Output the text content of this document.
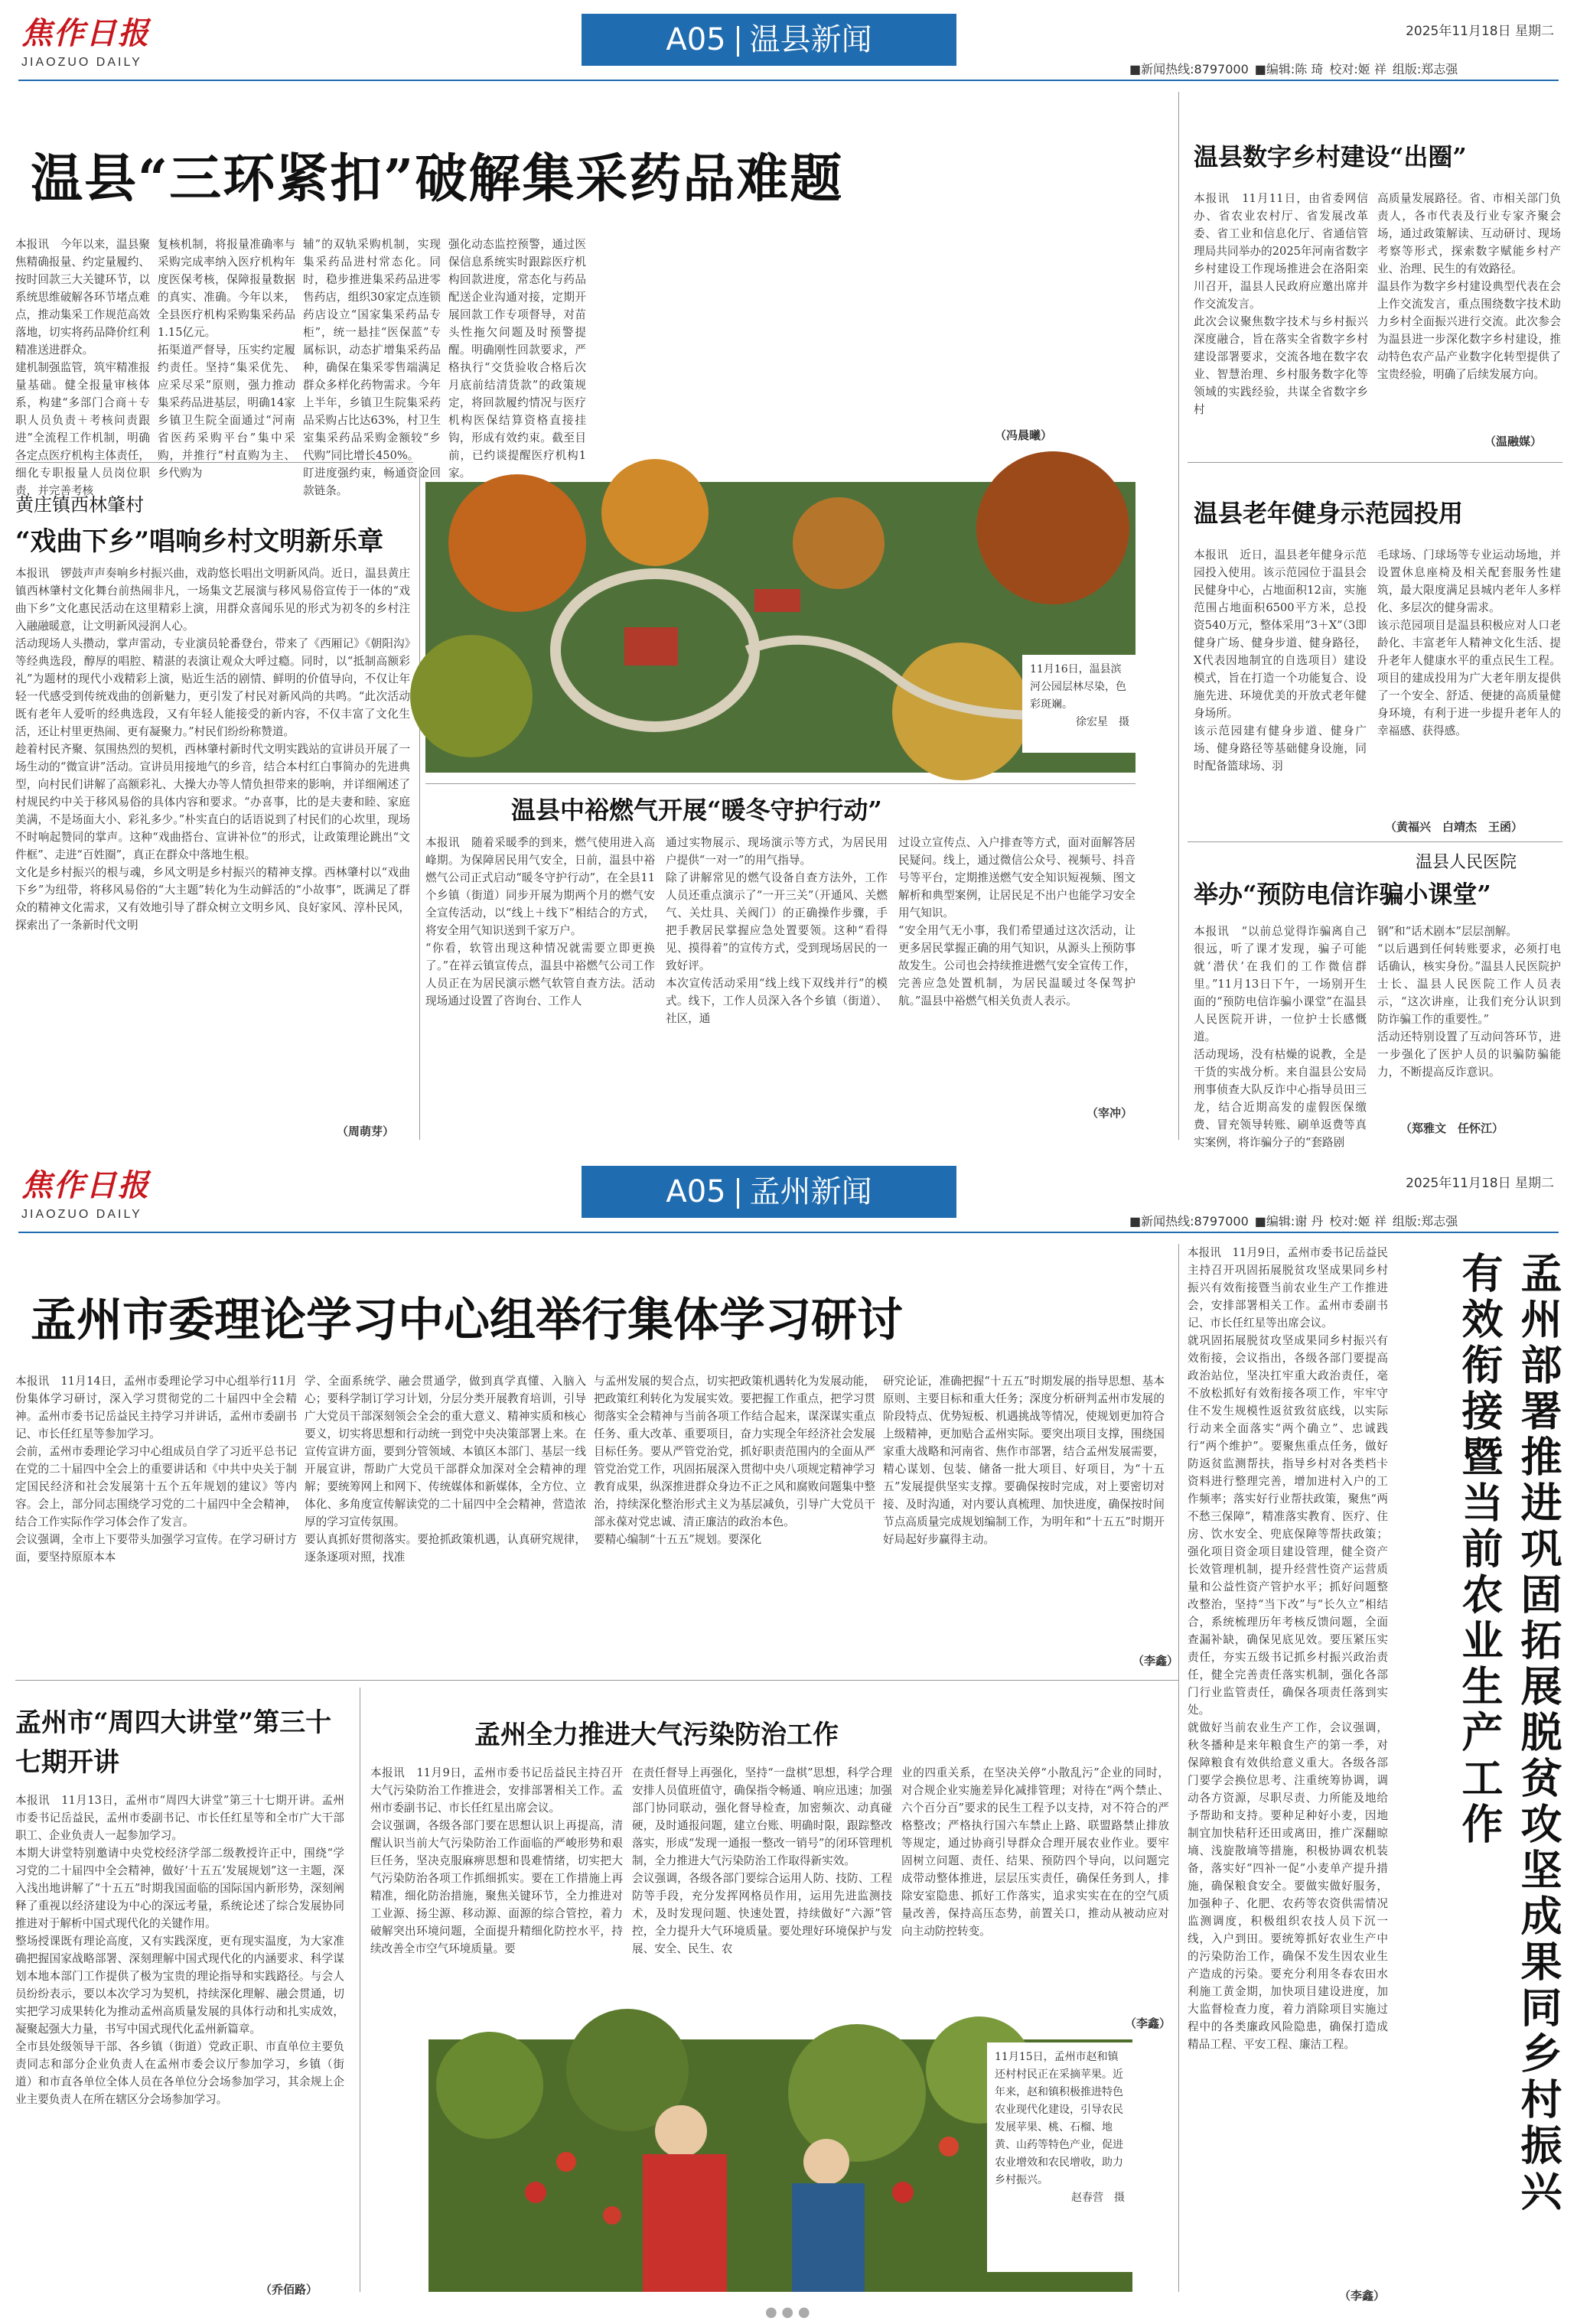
焦作日报
JIAOZUO DAILY
A05 温县新闻	2025年11月18日 星期二
■新闻热线:8797000 ■编辑:陈 琦 校对:姬 祥 组版:郑志强
温县“三环紧扣”破解集采药品难题
本报讯　今年以来，温县聚焦精确报量、约定量履约、按时回款三大关键环节，以系统思维破解各环节堵点难点，推动集采工作规范高效落地，切实将药品降价红利精准送进群众。
建机制强监管，筑牢精准报量基础。健全报量审核体系，构建“多部门合商＋专职人员负责＋考核问责跟进”全流程工作机制，明确各定点医疗机构主体责任，细化专职报量人员岗位职责，并完善考核
复核机制，将报量准确率与采购完成率纳入医疗机构年度医保考核，保障报量数据的真实、准确。今年以来，全县医疗机构采购集采药品1.15亿元。
拓渠道严督导，压实约定履约责任。坚持“集采优先、应采尽采”原则，强力推动集采药品进基层，明确14家乡镇卫生院全面通过“河南省医药采购平台”集中采购，并推行“村直购为主、乡代购为
辅”的双轨采购机制，实现集采药品进村常态化。同时，稳步推进集采药品进零售药店，组织30家定点连锁药店设立“国家集采药品专柜”，统一悬挂“医保蓝”专属标识，动态扩增集采药品种，确保在集采零售端满足群众多样化药物需求。今年上半年，乡镇卫生院集采药品采购占比达63%，村卫生室集采药品采购金额较“乡代购”同比增长450%。
盯进度强约束，畅通资金回款链条。
强化动态监控预警，通过医保信息系统实时跟踪医疗机构回款进度，常态化与药品配送企业沟通对接，定期开展回款工作专项督导，对苗头性拖欠问题及时预警提醒。明确刚性回款要求，严格执行“交货验收合格后次月底前结清货款”的政策规定，将回款履约情况与医疗机构医保结算资格直接挂钩，形成有效约束。截至目前，已约谈提醒医疗机构1家。
（冯晨曦）
温县数字乡村建设“出圈”
本报讯　11月11日，由省委网信办、省农业农村厅、省发展改革委、省工业和信息化厅、省通信管理局共同举办的2025年河南省数字乡村建设工作现场推进会在洛阳栾川召开，温县人民政府应邀出席并作交流发言。
此次会议聚焦数字技术与乡村振兴深度融合，旨在落实全省数字乡村建设部署要求，交流各地在数字农业、智慧治理、乡村服务数字化等领域的实践经验，共谋全省数字乡村
高质量发展路径。省、市相关部门负责人，各市代表及行业专家齐聚会场，通过政策解读、互动研讨、现场考察等形式，探索数字赋能乡村产业、治理、民生的有效路径。
温县作为数字乡村建设典型代表在会上作交流发言，重点围绕数字技术助力乡村全面振兴进行交流。此次参会为温县进一步深化数字乡村建设，推动特色农产品产业数字化转型提供了宝贵经验，明确了后续发展方向。
（温融媒）
黄庄镇西林肇村
“戏曲下乡”唱响乡村文明新乐章
本报讯　锣鼓声声奏响乡村振兴曲，戏韵悠长唱出文明新风尚。近日，温县黄庄镇西林肇村文化舞台前热闹非凡，一场集文艺展演与移风易俗宣传于一体的“戏曲下乡”文化惠民活动在这里精彩上演，用群众喜闻乐见的形式为初冬的乡村注入融融暖意，让文明新风浸润人心。
活动现场人头攒动，掌声雷动，专业演员轮番登台，带来了《西厢记》《朝阳沟》等经典选段，醇厚的唱腔、精湛的表演让观众大呼过瘾。同时，以“抵制高额彩礼”为题材的现代小戏精彩上演，贴近生活的剧情、鲜明的价值导向，不仅让年轻一代感受到传统戏曲的创新魅力，更引发了村民对新风尚的共鸣。“此次活动既有老年人爱听的经典选段，又有年轻人能接受的新内容，不仅丰富了文化生活，还让村里更热闹、更有凝聚力。”村民们纷纷称赞道。
趁着村民齐聚、氛围热烈的契机，西林肇村新时代文明实践站的宣讲员开展了一场生动的“微宣讲”活动。宣讲员用接地气的乡音，结合本村红白事简办的先进典型，向村民们讲解了高额彩礼、大操大办等人情负担带来的影响，并详细阐述了村规民约中关于移风易俗的具体内容和要求。“办喜事，比的是夫妻和睦、家庭美满，不是场面大小、彩礼多少。”朴实直白的话语说到了村民们的心坎里，现场不时响起赞同的掌声。这种“戏曲搭台、宣讲补位”的形式，让政策理论跳出“文件框”、走进“百姓圈”，真正在群众中落地生根。
文化是乡村振兴的根与魂，乡风文明是乡村振兴的精神支撑。西林肇村以“戏曲下乡”为纽带，将移风易俗的“大主题”转化为生动鲜活的“小故事”，既满足了群众的精神文化需求，又有效地引导了群众树立文明乡风、良好家风、淳朴民风，探索出了一条新时代文明
（周萌芽）
11月16日，温县滨河公园层林尽染，色彩斑斓。
徐宏星　摄
温县老年健身示范园投用
本报讯　近日，温县老年健身示范园投入使用。该示范园位于温县会民健身中心，占地面积12亩，实施范围占地面积6500平方米，总投资540万元，整体采用“3＋X”（3即健身广场、健身步道、健身路径，X代表因地制宜的自选项目）建设模式，旨在打造一个功能复合、设施先进、环境优美的开放式老年健身场所。
该示范园建有健身步道、健身广场、健身路径等基础健身设施，同时配备篮球场、羽
毛球场、门球场等专业运动场地，并设置休息座椅及相关配套服务性建筑，最大限度满足县城内老年人多样化、多层次的健身需求。
该示范园项目是温县积极应对人口老龄化、丰富老年人精神文化生活、提升老年人健康水平的重点民生工程。项目的建成投用为广大老年朋友提供了一个安全、舒适、便捷的高质量健身环境，有利于进一步提升老年人的幸福感、获得感。
（黄福兴　白靖杰　王函）
温县中裕燃气开展“暖冬守护行动”
本报讯　随着采暖季的到来，燃气使用进入高峰期。为保障居民用气安全，日前，温县中裕燃气公司正式启动“暖冬守护行动”，在全县11个乡镇（街道）同步开展为期两个月的燃气安全宣传活动，以“线上＋线下”相结合的方式，将安全用气知识送到千家万户。
“你看，软管出现这种情况就需要立即更换了。”在祥云镇宣传点，温县中裕燃气公司工作人员正在为居民演示燃气软管自查方法。活动现场通过设置了咨询台、工作人
通过实物展示、现场演示等方式，为居民用户提供“一对一”的用气指导。
除了讲解常见的燃气设备自查方法外，工作人员还重点演示了“一开三关”（开通风、关燃气、关灶具、关阀门）的正确操作步骤，手把手教居民掌握应急处置要领。这种“看得见、摸得着”的宣传方式，受到现场居民的一致好评。
本次宣传活动采用“线上线下双线并行”的模式。线下，工作人员深入各个乡镇（街道）、社区，通
过设立宣传点、入户排查等方式，面对面解答居民疑问。线上，通过微信公众号、视频号、抖音号等平台，定期推送燃气安全知识短视频、图文解析和典型案例，让居民足不出户也能学习安全用气知识。
“安全用气无小事，我们希望通过这次活动，让更多居民掌握正确的用气知识，从源头上预防事故发生。公司也会持续推进燃气安全宣传工作，完善应急处置机制，为居民温暖过冬保驾护航。”温县中裕燃气相关负责人表示。
（宰冲）
温县人民医院
举办“预防电信诈骗小课堂”
本报讯　“以前总觉得诈骗离自己很远，听了课才发现，骗子可能就‘潜伏’在我们的工作微信群里。”11月13日下午，一场别开生面的“预防电信诈骗小课堂”在温县人民医院开讲，一位护士长感慨道。
活动现场，没有枯燥的说教，全是干货的实战分析。来自温县公安局刑事侦查大队反诈中心指导员田三龙，结合近期高发的虚假医保缴费、冒充领导转账、刷单返费等真实案例，将诈骗分子的“套路剧
钢”和“话术剧本”层层剖解。
“以后遇到任何转账要求，必须打电话确认，核实身份。”温县人民医院护士长、温县人民医院工作人员表示，“这次讲座，让我们充分认识到防诈骗工作的重要性。”
活动还特别设置了互动问答环节，进一步强化了医护人员的识骗防骗能力，不断提高反诈意识。
（郑雅文　任怀江）
焦作日报
JIAOZUO DAILY
A05 孟州新闻	2025年11月18日 星期二
■新闻热线:8797000 ■编辑:谢 丹 校对:姬 祥 组版:郑志强
孟州市委理论学习中心组举行集体学习研讨
本报讯　11月14日，孟州市委理论学习中心组举行11月份集体学习研讨，深入学习贯彻党的二十届四中全会精神。孟州市委书记岳益民主持学习并讲话，孟州市委副书记、市长任红星等参加学习。
会前，孟州市委理论学习中心组成员自学了习近平总书记在党的二十届四中全会上的重要讲话和《中共中央关于制定国民经济和社会发展第十五个五年规划的建议》等内容。会上，部分同志围绕学习党的二十届四中全会精神，结合工作实际作学习体会作了发言。
会议强调，全市上下要带头加强学习宣传。在学习研讨方面，要坚持原原本本
学、全面系统学、融会贯通学，做到真学真懂、入脑入心；要科学制订学习计划，分层分类开展教育培训，引导广大党员干部深刻领会全会的重大意义、精神实质和核心要义，切实将思想和行动统一到党中央决策部署上来。在宣传宣讲方面，要到分管领域、本镇区本部门、基层一线开展宣讲，帮助广大党员干部群众加深对全会精神的理解；要统筹网上和网下、传统媒体和新媒体，全方位、立体化、多角度宣传解读党的二十届四中全会精神，营造浓厚的学习宣传氛围。
要认真抓好贯彻落实。要抢抓政策机遇，认真研究规律，逐条逐项对照，找准
与孟州发展的契合点，切实把政策机遇转化为发展动能，把政策红利转化为发展实效。要把握工作重点，把学习贯彻落实全会精神与当前各项工作结合起来，谋深谋实重点任务、重大改革、重要项目，奋力实现全年经济社会发展目标任务。要从严管党治党，抓好职责范围内的全面从严管党治党工作，巩固拓展深入贯彻中央八项规定精神学习教育成果，纵深推进群众身边不正之风和腐败问题集中整治，持续深化整治形式主义为基层减负，引导广大党员干部永葆对党忠诚、清正廉洁的政治本色。
要精心编制“十五五”规划。要深化
研究论证，准确把握“十五五”时期发展的指导思想、基本原则、主要目标和重大任务；深度分析研判孟州市发展的阶段特点、优势短板、机遇挑战等情况，使规划更加符合上级精神，更加贴合孟州实际。要突出项目支撑，围绕国家重大战略和河南省、焦作市部署，结合孟州发展需要，精心谋划、包装、储备一批大项目、好项目，为“十五五”发展提供坚实支撑。要确保按时完成，对上要密切对接、及时沟通，对内要认真梳理、加快进度，确保按时间节点高质量完成规划编制工作，为明年和“十五五”时期开好局起好步赢得主动。
（李鑫）
本报讯　11月9日，孟州市委书记岳益民主持召开巩固拓展脱贫攻坚成果同乡村振兴有效衔接暨当前农业生产工作推进会，安排部署相关工作。孟州市委副书记、市长任红星等出席会议。
就巩固拓展脱贫攻坚成果同乡村振兴有效衔接，会议指出，各级各部门要提高政治站位，坚决扛牢重大政治责任，毫不放松抓好有效衔接各项工作，牢牢守住不发生规模性返贫致贫底线，以实际行动来全面落实“两个确立”、忠诚践行“两个维护”。要聚焦重点任务，做好防返贫监测帮扶，指导乡村对各类档卡资料进行整理完善，增加进村入户的工作频率；落实好行业帮扶政策，聚焦“两不愁三保障”，精准落实教育、医疗、住房、饮水安全、兜底保障等帮扶政策；强化项目资金项目建设管理，健全资产长效管理机制，提升经营性资产运营质量和公益性资产管护水平；抓好问题整改整治，坚持“当下改”与“长久立”相结合，系统梳理历年考核反馈问题，全面查漏补缺，确保见底见效。要压紧压实责任，夯实五级书记抓乡村振兴政治责任，健全完善责任落实机制，强化各部门行业监管责任，确保各项责任落到实处。
就做好当前农业生产工作，会议强调，秋冬播种是来年粮食生产的第一季，对保障粮食有效供给意义重大。各级各部门要学会换位思考、注重统筹协调，调动各方资源，尽职尽责、力所能及地给予帮助和支持。要种足种好小麦，因地制宜加快秸秆还田或离田，推广深翻晾墒、浅旋散墒等措施，积极协调农机装备，落实好“四补一促”小麦单产提升措施，确保粮食安全。要做实做好服务，加强种子、化肥、农药等农资供需情况监测调度，积极组织农技人员下沉一线，入户到田。要统筹抓好农业生产中的污染防治工作，确保不发生因农业生产造成的污染。要充分利用冬春农田水利施工黄金期，加快项目建设进度，加大监督检查力度，着力消除项目实施过程中的各类廉政风险隐患，确保打造成精品工程、平安工程、廉洁工程。
（李鑫）
孟州部署推进巩固拓展脱贫攻坚成果同乡村振兴有效衔接暨当前农业生产工作
孟州市“周四大讲堂”第三十七期开讲
本报讯　11月13日，孟州市“周四大讲堂”第三十七期开讲。孟州市委书记岳益民，孟州市委副书记、市长任红星等和全市广大干部职工、企业负责人一起参加学习。
本期大讲堂特别邀请中央党校经济学部二级教授许正中，围绕“学习党的二十届四中全会精神，做好‘十五五’发展规划”这一主题，深入浅出地讲解了“十五五”时期我国面临的国际国内新形势，深刻阐释了重视以经济建设为中心的深远考量，系统论述了综合发展协同推进对于解析中国式现代化的关键作用。
整场授课既有理论高度，又有实践深度，更有现实温度，为大家准确把握国家战略部署、深刻理解中国式现代化的内涵要求、科学谋划本地本部门工作提供了极为宝贵的理论指导和实践路径。与会人员纷纷表示，要以本次学习为契机，持续深化理解、融会贯通，切实把学习成果转化为推动孟州高质量发展的具体行动和扎实成效，凝聚起强大力量，书写中国式现代化孟州新篇章。
全市县处级领导干部、各乡镇（街道）党政正职、市直单位主要负责同志和部分企业负责人在孟州市委会议厅参加学习，乡镇（街道）和市直各单位全体人员在各单位分会场参加学习，其余规上企业主要负责人在所在辖区分会场参加学习。
（乔佰路）
孟州全力推进大气污染防治工作
本报讯　11月9日，孟州市委书记岳益民主持召开大气污染防治工作推进会，安排部署相关工作。孟州市委副书记、市长任红星出席会议。
会议强调，各级各部门要在思想认识上再提高，清醒认识当前大气污染防治工作面临的严峻形势和艰巨任务，坚决克服麻痹思想和畏难情绪，切实把大气污染防治各项工作抓细抓实。要在工作措施上再精准，细化防治措施，聚焦关键环节，全力推进对工业源、扬尘源、移动源、面源的综合管控，着力破解突出环境问题，全面提升精细化防控水平，持续改善全市空气环境质量。要
在责任督导上再强化，坚持“一盘棋”思想，科学合理安排人员值班值守，确保指令畅通、响应迅速；加强部门协同联动，强化督导检查，加密频次、动真碰硬，及时通报问题，建立台账、明确时限，跟踪整改落实，形成“发现一通报一整改一销号”的闭环管理机制，全力推进大气污染防治工作取得新实效。
会议强调，各级各部门要综合运用人防、技防、工程防等手段，充分发挥网格员作用，运用先进监测技术，及时发现问题、快速处置，持续做好“六源”管控，全力提升大气环境质量。要处理好环境保护与发展、安全、民生、农
业的四重关系，在坚决关停“小散乱污”企业的同时，对合规企业实施差异化减排管理；对待在“两个禁止、六个百分百”要求的民生工程予以支持，对不符合的严格整改；严格执行国六车禁止上路、联盟路禁止排放等规定，通过协商引导群众合理开展农业作业。要牢固树立问题、责任、结果、预防四个导向，以问题完成带动整体推进，层层压实责任，确保任务到人，排除安室隐患、抓好工作落实，追求实实在在的空气质量改善，保持高压态势，前置关口，推动从被动应对向主动防控转变。
（李鑫）
11月15日，孟州市赵和镇还村村民正在采摘苹果。近年来，赵和镇积极推进特色农业现代化建设，引导农民发展苹果、桃、石榴、地黄、山药等特色产业，促进农业增效和农民增收，助力乡村振兴。
赵春营　摄
● ● ●
